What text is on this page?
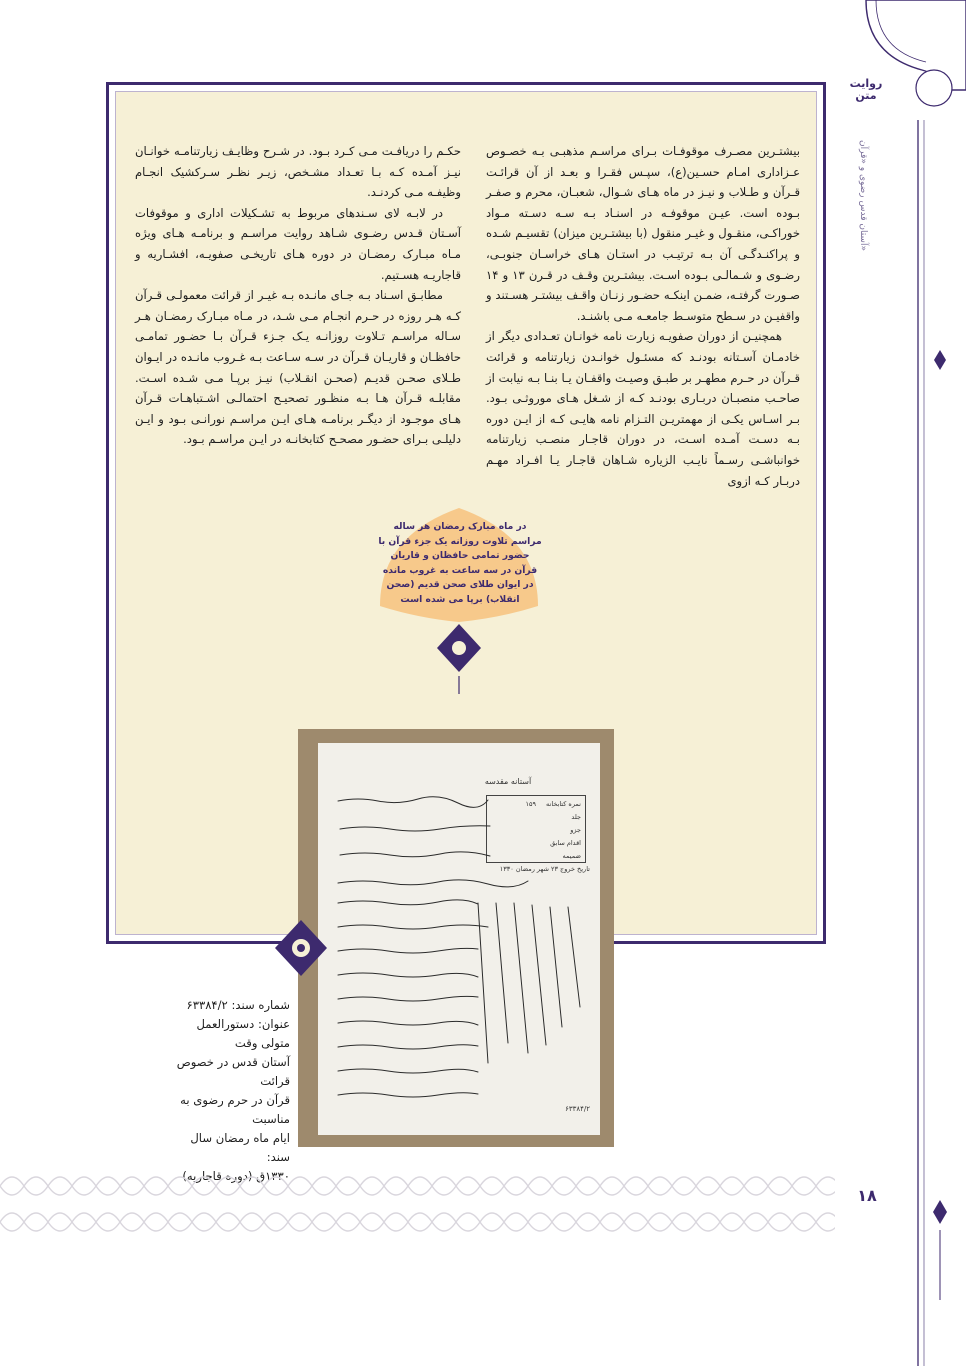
روایت متن
آستان قدس رضوی و «قرآن»

بیشتـرین مصـرف موقوفـات بـرای مراسـم مذهبـی بـه خصـوص عـزاداری امـام حسـین(ع)، سپـس فقـرا و بعـد از آن قرائـت قـرآن و طـلاب و نیـز در ماه هـای شـوال، شعبـان، محرم و صفـر بـوده است. عیـن موقوفـه در اسنـاد بـه سـه دسـته مـواد خوراکـی، منقـول و غیـر منقول (با بیشتـرین میزان) تقسیـم شـده و پراکنـدگـی آن بـه ترتیـب در استـان هـای خراسـان جنوبـی، رضـوی و شـمالـی بـوده اسـت. بیشتـرین وقـف در قـرن ۱۳ و ۱۴ صـورت گرفتـه، ضمـن اینکـه حضـور زنـان واقـف بیشتـر هسـتند و واقفیـن در سـطح متوسـط جامعـه مـی باشنـد.

همچنیـن از دوران صفویـه زیارت نامه خوانـان تعـدادی دیگر از خادمـان آسـتانه بودنـد که مسئـول خوانـدن زیارتنامه و قرائت قـرآن در حـرم مطهـر بر طبـق وصیـت واقفـان یـا بنـا بـه نیابت از صاحـب منصبـان دربـاری بودنـد کـه از شـغل هـای موروثـی بـود. بـر اسـاس یکـی از مهمتریـن التـزام نامه هایـی کـه از ایـن دوره بـه دسـت آمـده اسـت، در دوران قاجـار منصـب زیارتنامه خوانباشـی رسـماً نایـب الزیاره شـاهان قاجـار یـا افـراد مهـم دربـار کـه ازوی

حکـم را دریافـت مـی کـرد بـود. در شـرح وظایـف زیارتنامـه خوانـان نیـز آمـده کـه بـا تعـداد مشـخص، زیـر نظـر سـرکشیک انجـام وظیفـه مـی کردنـد.

در لابـه لای سـندهای مربوط به تشـکیلات اداری و موقوفات آسـتان قـدس رضـوی شـاهد روایت مراسـم و برنامـه هـای ویژه مـاه مبـارک رمضـان در دوره هـای تاریخـی صفویـه، افشـاریه و قاجاریـه هسـتیم.

مطابـق اسـناد بـه جـای مانـده بـه غیـر از قرائت معمولـی قـرآن کـه هـر روزه در حـرم انجـام مـی شـد، در مـاه مبـارک رمضـان هـر سـاله مراسـم تـلاوت روزانـه یـک جـزء قـرآن بـا حضـور تمامـی حافظـان و قاریـان قـرآن در سـه سـاعت بـه غـروب مانـده در ایـوان طـلای صحـن قدیـم (صحـن انقـلاب) نیـز برپـا مـی شـده اسـت. مقابلـه قـرآن هـا بـه منظـور تصحیـح احتمالـی اشـتباهـات قـرآن هـای موجـود از دیگـر برنامـه هـای ایـن مراسـم نورانـی بـود و ایـن دلیلـی بـرای حضـور مصحـح کتابخانـه در ایـن مراسـم بـود.

در ماه مبارک رمضان هر ساله مراسم تلاوت روزانه یک جزء قرآن با حضور تمامی حافظان و قاریان قرآن در سه ساعت به غروب مانده در ایوان طلای صحن قدیم (صحن انقلاب) برپا می شده است
آستانه مقدسه
نمره کتابخانه ۱۵۹
جلد
جزو
اقدام سابق
ضمیمه
تاریخ خروج ۲۳ شهر رمضان ۱۳۳۰
۶۳۳۸۴/۲
شماره سند: ۶۳۳۸۴/۲
عنوان: دستورالعمل متولی وقت
آستان قدس در خصوص قرائت
قرآن در حرم رضوی به مناسبت
ایام ماه رمضان سال سند:
۱۸
